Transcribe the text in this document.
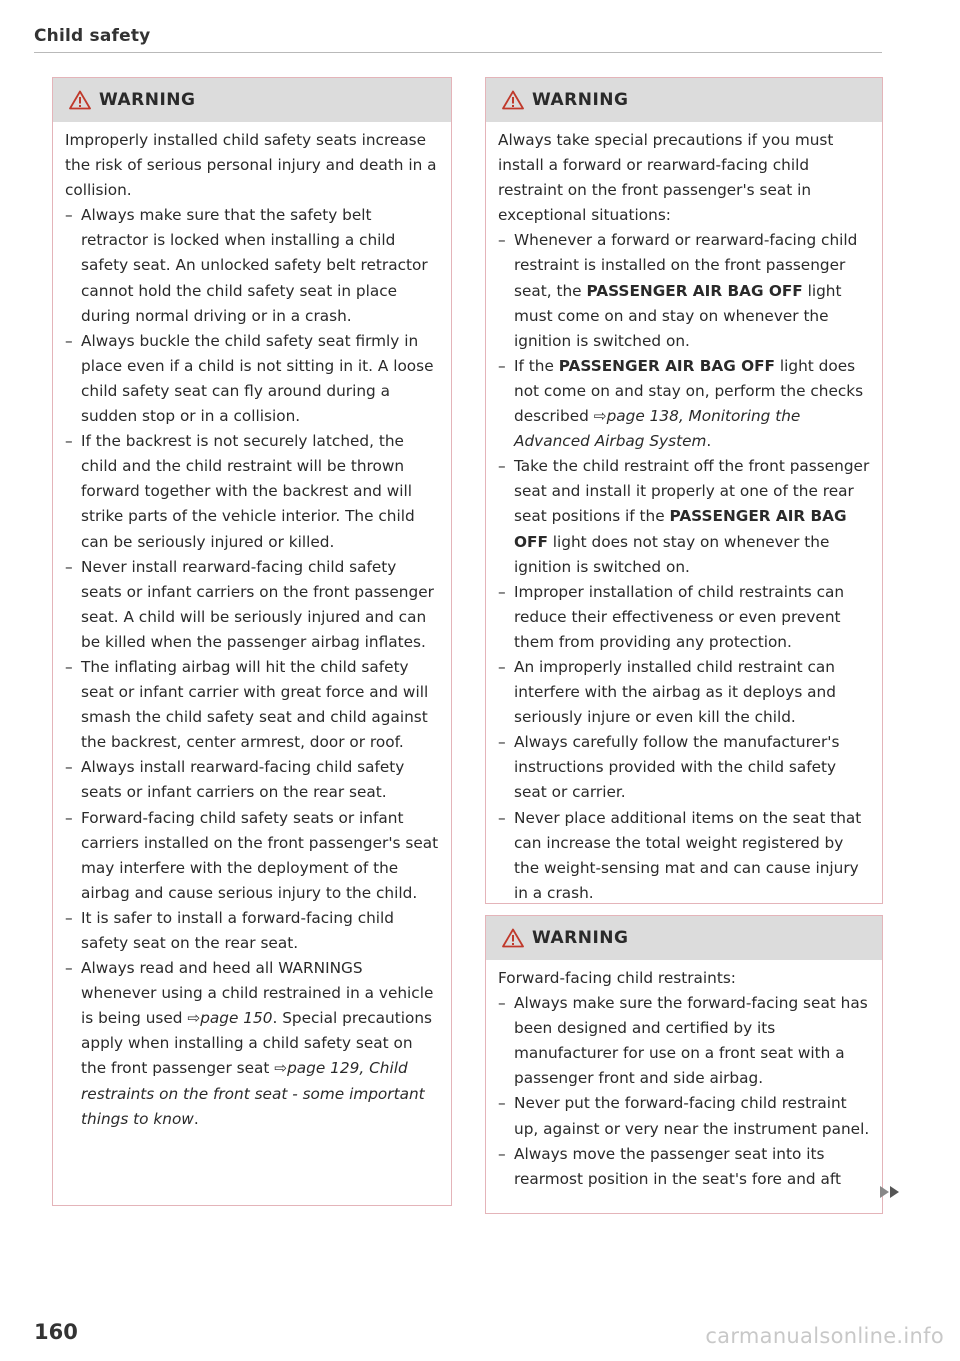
Child safety
WARNING

Improperly installed child safety seats increase the risk of serious personal injury and death in a collision.

– Always make sure that the safety belt retractor is locked when installing a child safety seat. An unlocked safety belt retractor cannot hold the child safety seat in place during normal driving or in a crash.
– Always buckle the child safety seat firmly in place even if a child is not sitting in it. A loose child safety seat can fly around during a sudden stop or in a collision.
– If the backrest is not securely latched, the child and the child restraint will be thrown forward together with the backrest and will strike parts of the vehicle interior. The child can be seriously injured or killed.
– Never install rearward-facing child safety seats or infant carriers on the front passenger seat. A child will be seriously injured and can be killed when the passenger airbag inflates.
– The inflating airbag will hit the child safety seat or infant carrier with great force and will smash the child safety seat and child against the backrest, center armrest, door or roof.
– Always install rearward-facing child safety seats or infant carriers on the rear seat.
– Forward-facing child safety seats or infant carriers installed on the front passenger's seat may interfere with the deployment of the airbag and cause serious injury to the child.
– It is safer to install a forward-facing child safety seat on the rear seat.
– Always read and heed all WARNINGS whenever using a child restrained in a vehicle is being used ⇨page 150. Special precautions apply when installing a child safety seat on the front passenger seat ⇨page 129, Child restraints on the front seat - some important things to know.
WARNING

Always take special precautions if you must install a forward or rearward-facing child restraint on the front passenger's seat in exceptional situations:

– Whenever a forward or rearward-facing child restraint is installed on the front passenger seat, the PASSENGER AIR BAG OFF light must come on and stay on whenever the ignition is switched on.
– If the PASSENGER AIR BAG OFF light does not come on and stay on, perform the checks described ⇨page 138, Monitoring the Advanced Airbag System.
– Take the child restraint off the front passenger seat and install it properly at one of the rear seat positions if the PASSENGER AIR BAG OFF light does not stay on whenever the ignition is switched on.
– Improper installation of child restraints can reduce their effectiveness or even prevent them from providing any protection.
– An improperly installed child restraint can interfere with the airbag as it deploys and seriously injure or even kill the child.
– Always carefully follow the manufacturer's instructions provided with the child safety seat or carrier.
– Never place additional items on the seat that can increase the total weight registered by the weight-sensing mat and can cause injury in a crash.
WARNING

Forward-facing child restraints:

– Always make sure the forward-facing seat has been designed and certified by its manufacturer for use on a front seat with a passenger front and side airbag.
– Never put the forward-facing child restraint up, against or very near the instrument panel.
– Always move the passenger seat into its rearmost position in the seat's fore and aft
160	carmanualsonline.info
